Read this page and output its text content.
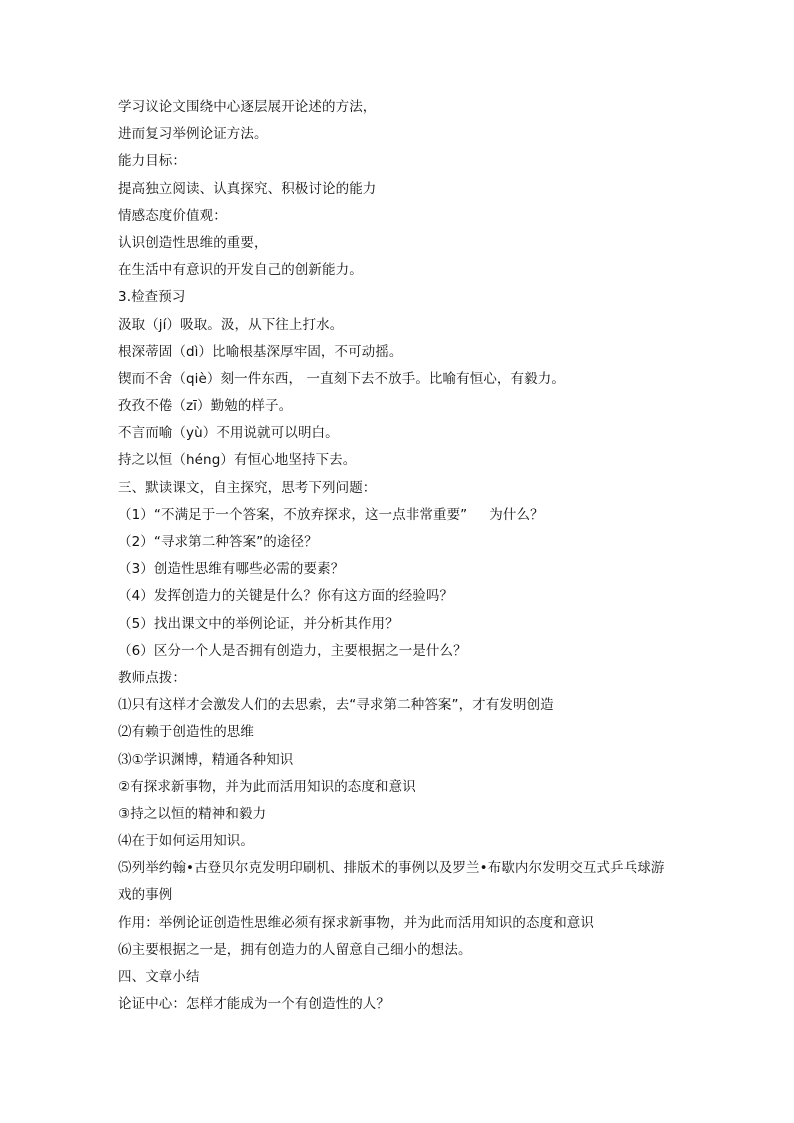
学习议论文围绕中心逐层展开论述的方法，
进而复习举例论证方法。
能力目标：
提高独立阅读、认真探究、积极讨论的能力
情感态度价值观：
认识创造性思维的重要，
在生活中有意识的开发自己的创新能力。
3.检查预习
汲取（jí）吸取。汲，从下往上打水。
根深蒂固（dì）比喻根基深厚牢固，不可动摇。
锲而不舍（qiè）刻一件东西， 一直刻下去不放手。比喻有恒心，有毅力。
孜孜不倦（zī）勤勉的样子。
不言而喻（yù）不用说就可以明白。
持之以恒（héng）有恒心地坚持下去。
三、默读课文，自主探究，思考下列问题：
（1）“不满足于一个答案，不放弃探求，这一点非常重要” 为什么？
（2）“寻求第二种答案”的途径？
（3）创造性思维有哪些必需的要素？
（4）发挥创造力的关键是什么？你有这方面的经验吗？
（5）找出课文中的举例论证，并分析其作用？
（6）区分一个人是否拥有创造力，主要根据之一是什么？
教师点拨：
⑴只有这样才会激发人们的去思索，去“寻求第二种答案”，才有发明创造
⑵有赖于创造性的思维
⑶①学识渊博，精通各种知识
②有探求新事物，并为此而活用知识的态度和意识
③持之以恒的精神和毅力
⑷在于如何运用知识。
⑸列举约翰•古登贝尔克发明印刷机、排版术的事例以及罗兰•布歇内尔发明交互式乒乓球游
戏的事例
作用：举例论证创造性思维必须有探求新事物，并为此而活用知识的态度和意识
⑹主要根据之一是，拥有创造力的人留意自己细小的想法。
四、文章小结
论证中心：怎样才能成为一个有创造性的人？
